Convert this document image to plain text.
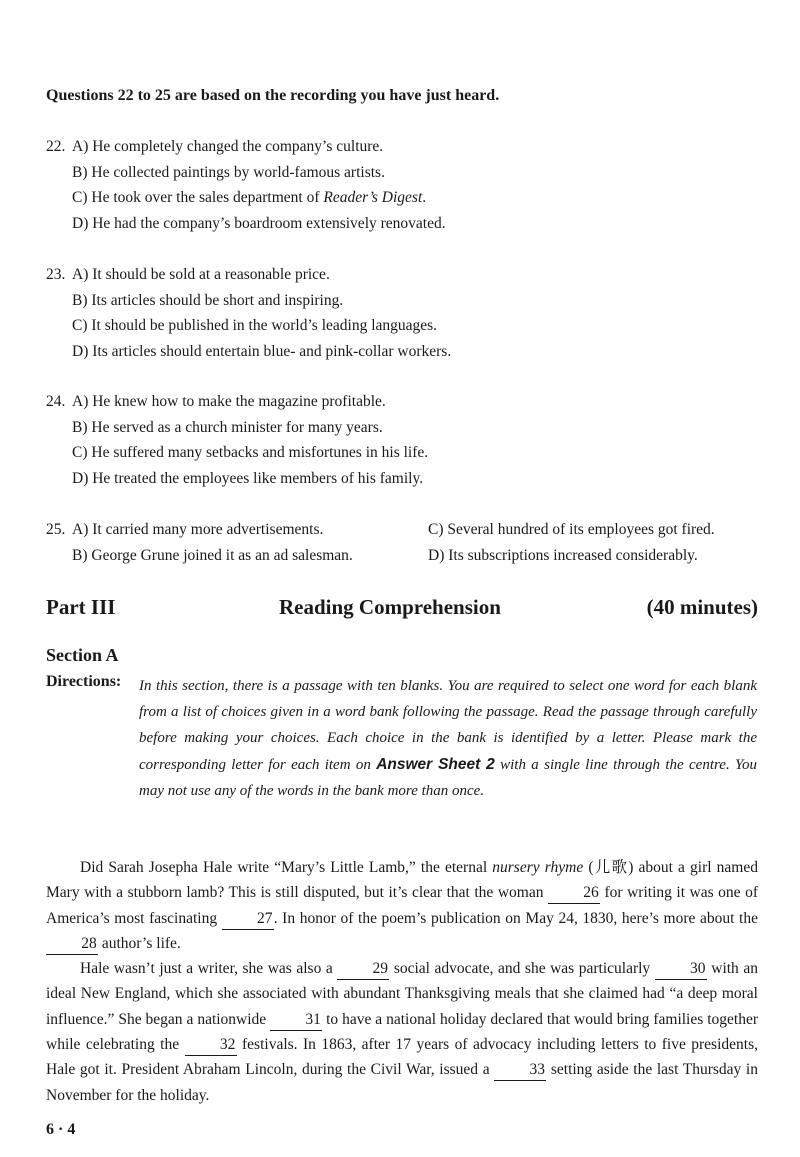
Questions 22 to 25 are based on the recording you have just heard.
22. A) He completely changed the company’s culture.
B) He collected paintings by world-famous artists.
C) He took over the sales department of Reader’s Digest.
D) He had the company’s boardroom extensively renovated.
23. A) It should be sold at a reasonable price.
B) Its articles should be short and inspiring.
C) It should be published in the world’s leading languages.
D) Its articles should entertain blue- and pink-collar workers.
24. A) He knew how to make the magazine profitable.
B) He served as a church minister for many years.
C) He suffered many setbacks and misfortunes in his life.
D) He treated the employees like members of his family.
25. A) It carried many more advertisements.	C) Several hundred of its employees got fired.
B) George Grune joined it as an ad salesman.	D) Its subscriptions increased considerably.
Part III	Reading Comprehension	(40 minutes)
Section A
Directions: In this section, there is a passage with ten blanks. You are required to select one word for each blank from a list of choices given in a word bank following the passage. Read the passage through carefully before making your choices. Each choice in the bank is identified by a letter. Please mark the corresponding letter for each item on Answer Sheet 2 with a single line through the centre. You may not use any of the words in the bank more than once.

Did Sarah Josepha Hale write “Mary’s Little Lamb,” the eternal nursery rhyme (儿歌) about a girl named Mary with a stubborn lamb? This is still disputed, but it’s clear that the woman 26 for writing it was one of America’s most fascinating 27. In honor of the poem’s publication on May 24, 1830, here’s more about the 28 author’s life.

Hale wasn’t just a writer, she was also a 29 social advocate, and she was particularly 30 with an ideal New England, which she associated with abundant Thanksgiving meals that she claimed had “a deep moral influence.” She began a nationwide 31 to have a national holiday declared that would bring families together while celebrating the 32 festivals. In 1863, after 17 years of advocacy including letters to five presidents, Hale got it. President Abraham Lincoln, during the Civil War, issued a 33 setting aside the last Thursday in November for the holiday.

6 · 4
